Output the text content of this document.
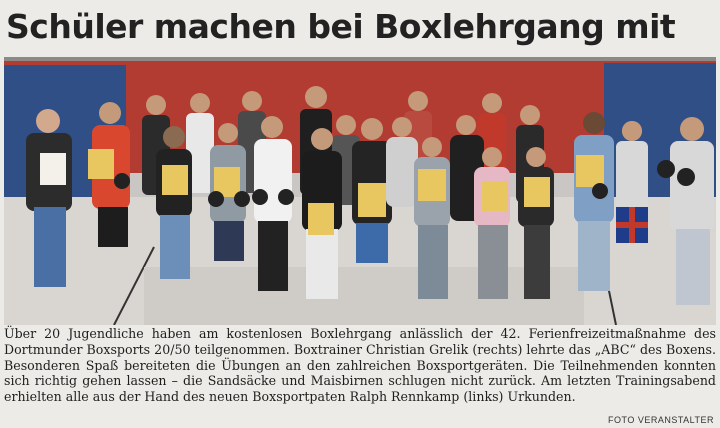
Schüler machen bei Boxlehrgang mit
Über 20 Jugendliche haben am kostenlosen Boxlehrgang anlässlich der 42. Ferienfreizeitmaßnahme des Dortmunder Boxsports 20/50 teilgenommen. Boxtrainer Christian Grelik (rechts) lehrte das „ABC“ des Boxens. Besonderen Spaß bereiteten die Übungen an den zahlreichen Boxsportgeräten. Die Teilnehmenden konnten sich richtig gehen lassen – die Sandsäcke und Maisbirnen schlugen nicht zurück. Am letzten Trainingsabend erhielten alle aus der Hand des neuen Boxsportpaten Ralph Rennkamp (links) Urkunden.
FOTO VERANSTALTER
